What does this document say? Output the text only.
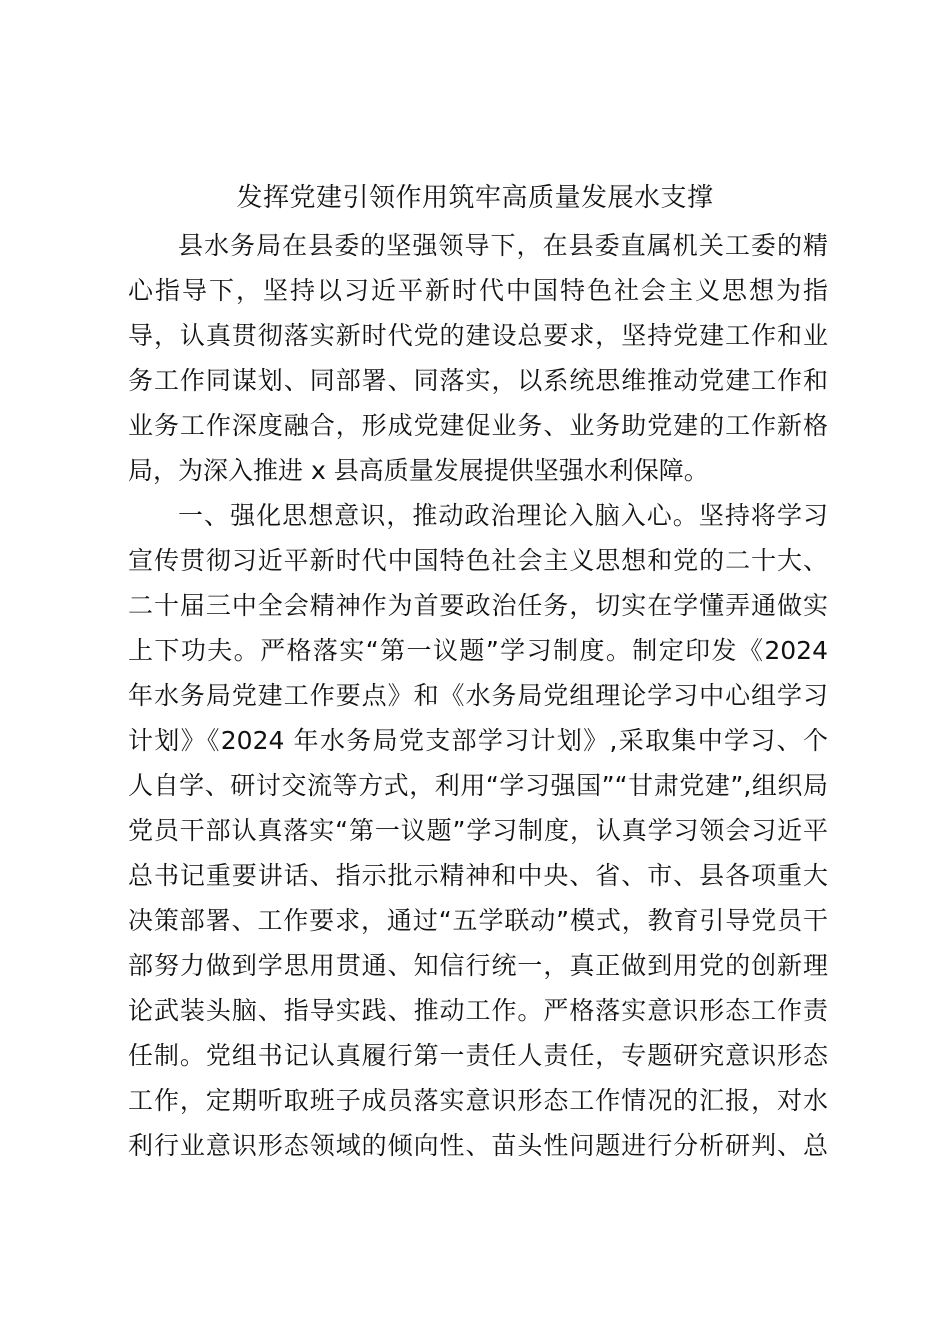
发挥党建引领作用筑牢高质量发展水支撑
县水务局在县委的坚强领导下，在县委直属机关工委的精
心指导下，坚持以习近平新时代中国特色社会主义思想为指
导，认真贯彻落实新时代党的建设总要求，坚持党建工作和业
务工作同谋划、同部署、同落实，以系统思维推动党建工作和
业务工作深度融合，形成党建促业务、业务助党建的工作新格
局，为深入推进 x 县高质量发展提供坚强水利保障。
一、强化思想意识，推动政治理论入脑入心。坚持将学习
宣传贯彻习近平新时代中国特色社会主义思想和党的二十大、
二十届三中全会精神作为首要政治任务，切实在学懂弄通做实
上下功夫。严格落实“第一议题”学习制度。制定印发《2024
年水务局党建工作要点》和《水务局党组理论学习中心组学习
计划》《2024 年水务局党支部学习计划》,采取集中学习、个
人自学、研讨交流等方式，利用“学习强国”“甘肃党建”,组织局
党员干部认真落实“第一议题”学习制度，认真学习领会习近平
总书记重要讲话、指示批示精神和中央、省、市、县各项重大
决策部署、工作要求，通过“五学联动”模式，教育引导党员干
部努力做到学思用贯通、知信行统一，真正做到用党的创新理
论武装头脑、指导实践、推动工作。严格落实意识形态工作责
任制。党组书记认真履行第一责任人责任，专题研究意识形态
工作，定期听取班子成员落实意识形态工作情况的汇报，对水
利行业意识形态领域的倾向性、苗头性问题进行分析研判、总
